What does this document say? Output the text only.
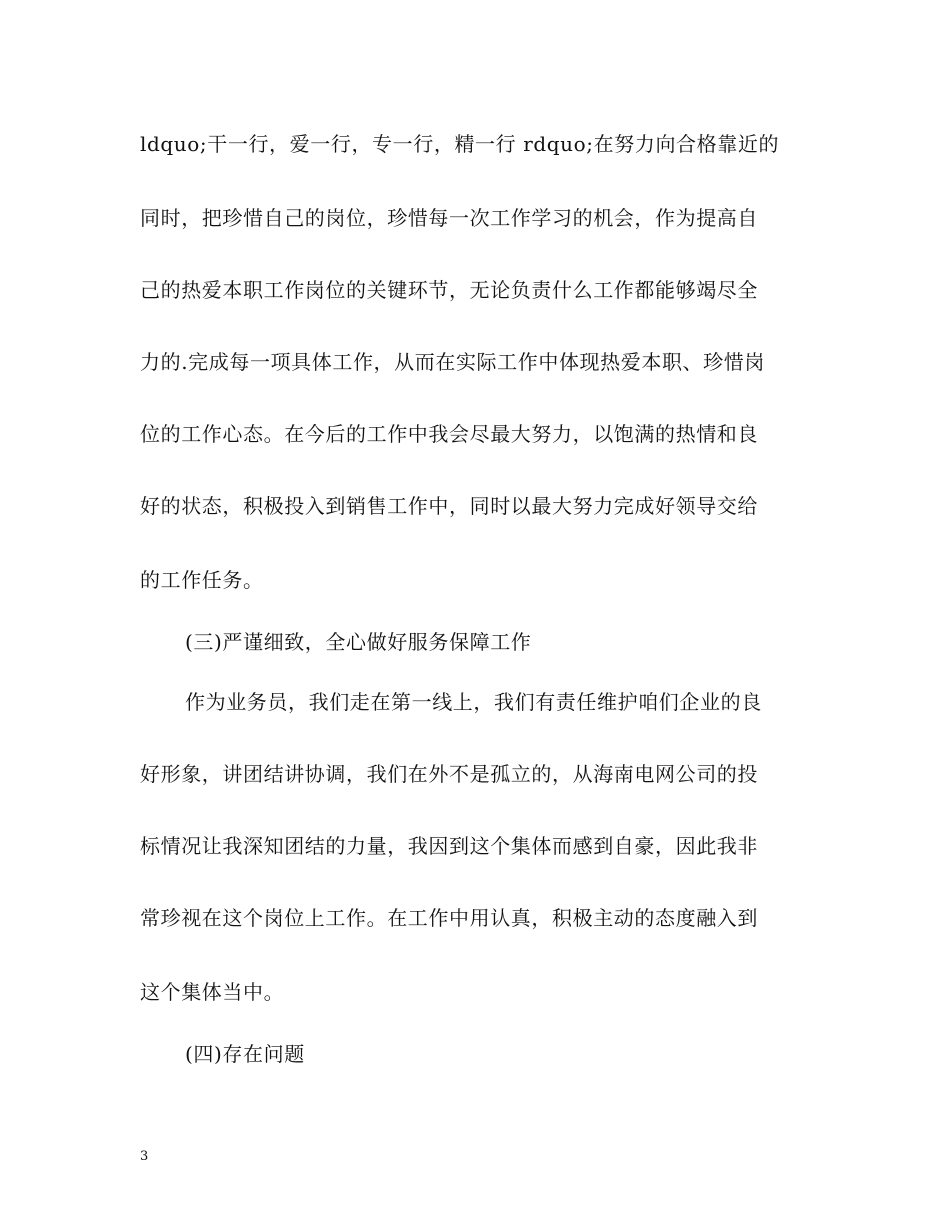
ldquo;干一行，爱一行，专一行，精一行 rdquo;在努力向合格靠近的
同时，把珍惜自己的岗位，珍惜每一次工作学习的机会，作为提高自
己的热爱本职工作岗位的关键环节，无论负责什么工作都能够竭尽全
力的.完成每一项具体工作，从而在实际工作中体现热爱本职、珍惜岗
位的工作心态。在今后的工作中我会尽最大努力，以饱满的热情和良
好的状态，积极投入到销售工作中，同时以最大努力完成好领导交给
的工作任务。
(三)严谨细致，全心做好服务保障工作
作为业务员，我们走在第一线上，我们有责任维护咱们企业的良
好形象，讲团结讲协调，我们在外不是孤立的，从海南电网公司的投
标情况让我深知团结的力量，我因到这个集体而感到自豪，因此我非
常珍视在这个岗位上工作。在工作中用认真，积极主动的态度融入到
这个集体当中。
(四)存在问题
3
